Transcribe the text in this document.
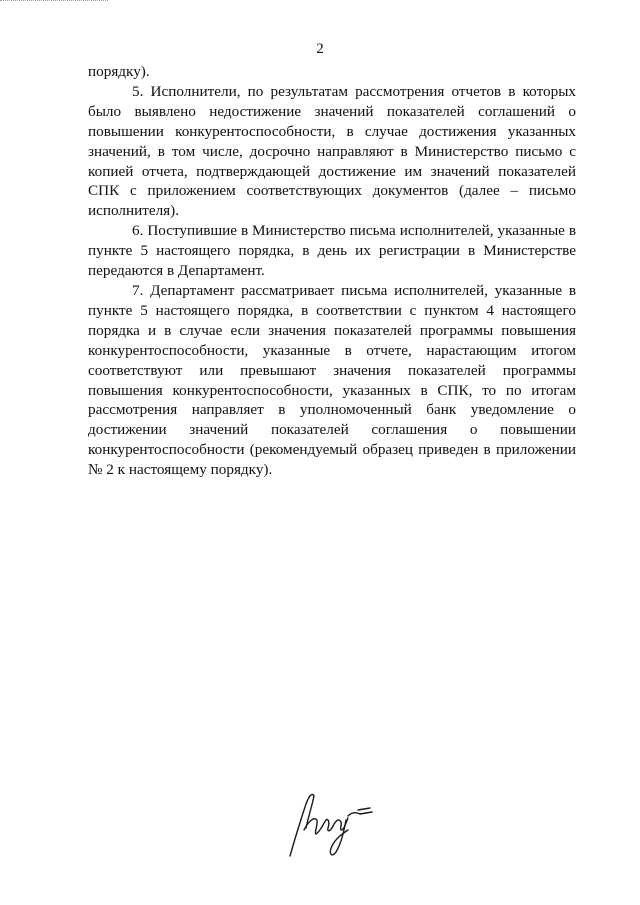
2

порядку).

5. Исполнители, по результатам рассмотрения отчетов в которых было выявлено недостижение значений показателей соглашений о повышении конкурентоспособности, в случае достижения указанных значений, в том числе, досрочно направляют в Министерство письмо с копией отчета, подтверждающей достижение им значений показателей СПК с приложением соответствующих документов (далее – письмо исполнителя).

6. Поступившие в Министерство письма исполнителей, указанные в пункте 5 настоящего порядка, в день их регистрации в Министерстве передаются в Департамент.

7. Департамент рассматривает письма исполнителей, указанные в пункте 5 настоящего порядка, в соответствии с пунктом 4 настоящего порядка и в случае если значения показателей программы повышения конкурентоспособности, указанные в отчете, нарастающим итогом соответствуют или превышают значения показателей программы повышения конкурентоспособности, указанных в СПК, то по итогам рассмотрения направляет в уполномоченный банк уведомление о достижении значений показателей соглашения о повышении конкурентоспособности (рекомендуемый образец приведен в приложении № 2 к настоящему порядку).
